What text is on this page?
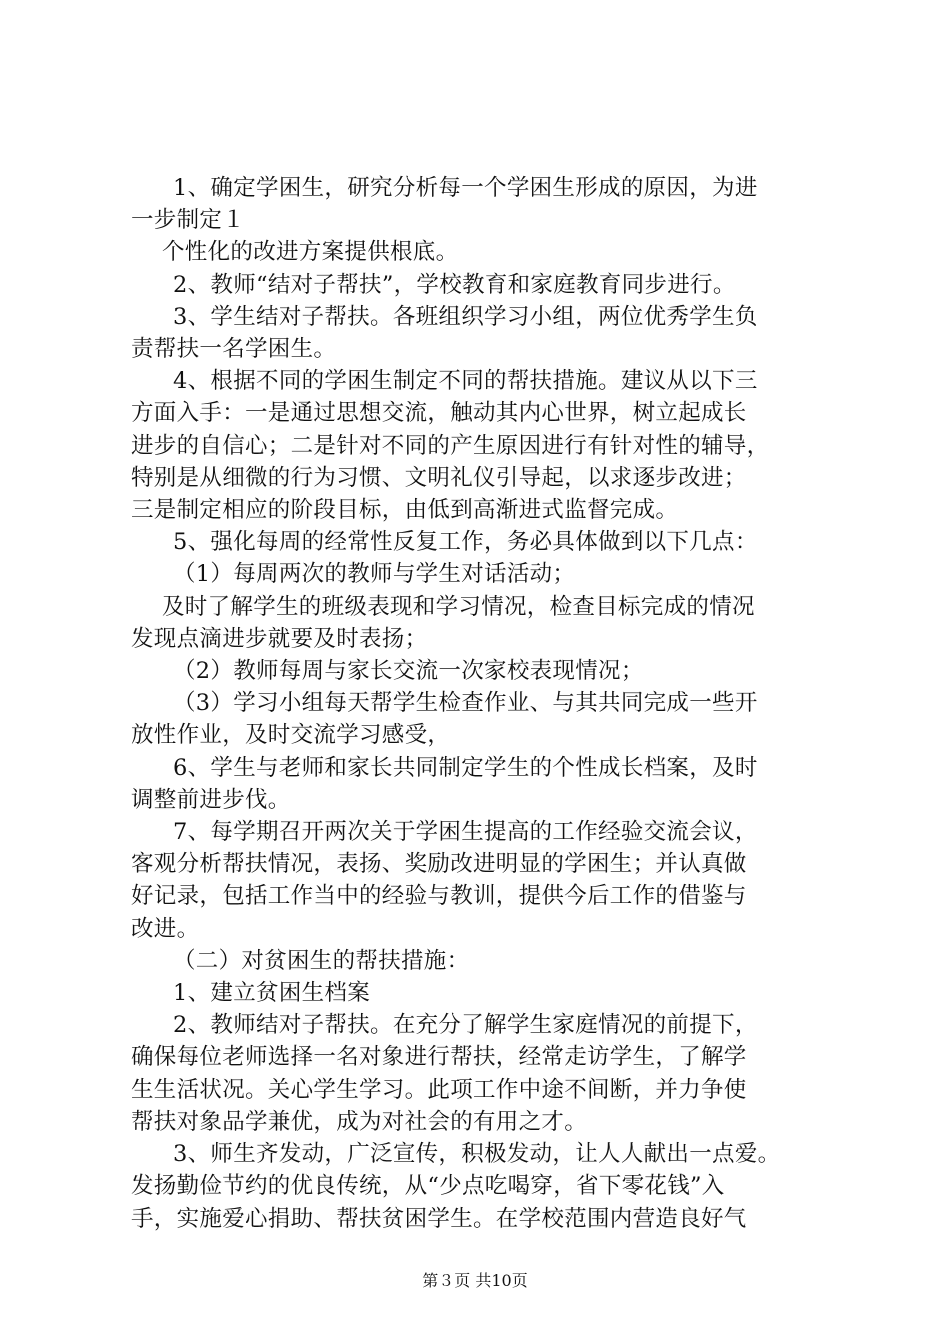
1、确定学困生，研究分析每一个学困生形成的原因，为进
一步制定１

个性化的改进方案提供根底。

2、教师“结对子帮扶”，学校教育和家庭教育同步进行。

3、学生结对子帮扶。各班组织学习小组，两位优秀学生负
责帮扶一名学困生。

4、根据不同的学困生制定不同的帮扶措施。建议从以下三
方面入手：一是通过思想交流，触动其内心世界，树立起成长
进步的自信心；二是针对不同的产生原因进行有针对性的辅导，
特别是从细微的行为习惯、文明礼仪引导起，以求逐步改进；
三是制定相应的阶段目标，由低到高渐进式监督完成。

5、强化每周的经常性反复工作，务必具体做到以下几点：

（1）每周两次的教师与学生对话活动；

及时了解学生的班级表现和学习情况，检查目标完成的情况
发现点滴进步就要及时表扬；

（2）教师每周与家长交流一次家校表现情况；

（3）学习小组每天帮学生检查作业、与其共同完成一些开
放性作业，及时交流学习感受，

6、学生与老师和家长共同制定学生的个性成长档案，及时
调整前进步伐。

7、每学期召开两次关于学困生提高的工作经验交流会议，
客观分析帮扶情况，表扬、奖励改进明显的学困生；并认真做
好记录，包括工作当中的经验与教训，提供今后工作的借鉴与
改进。

（二）对贫困生的帮扶措施：

1、建立贫困生档案

2、教师结对子帮扶。在充分了解学生家庭情况的前提下，
确保每位老师选择一名对象进行帮扶，经常走访学生，了解学
生生活状况。关心学生学习。此项工作中途不间断，并力争使
帮扶对象品学兼优，成为对社会的有用之才。

3、师生齐发动，广泛宣传，积极发动，让人人献出一点爱。
发扬勤俭节约的优良传统，从“少点吃喝穿，省下零花钱”入
手，实施爱心捐助、帮扶贫困学生。在学校范围内营造良好气

第３页 共10页
